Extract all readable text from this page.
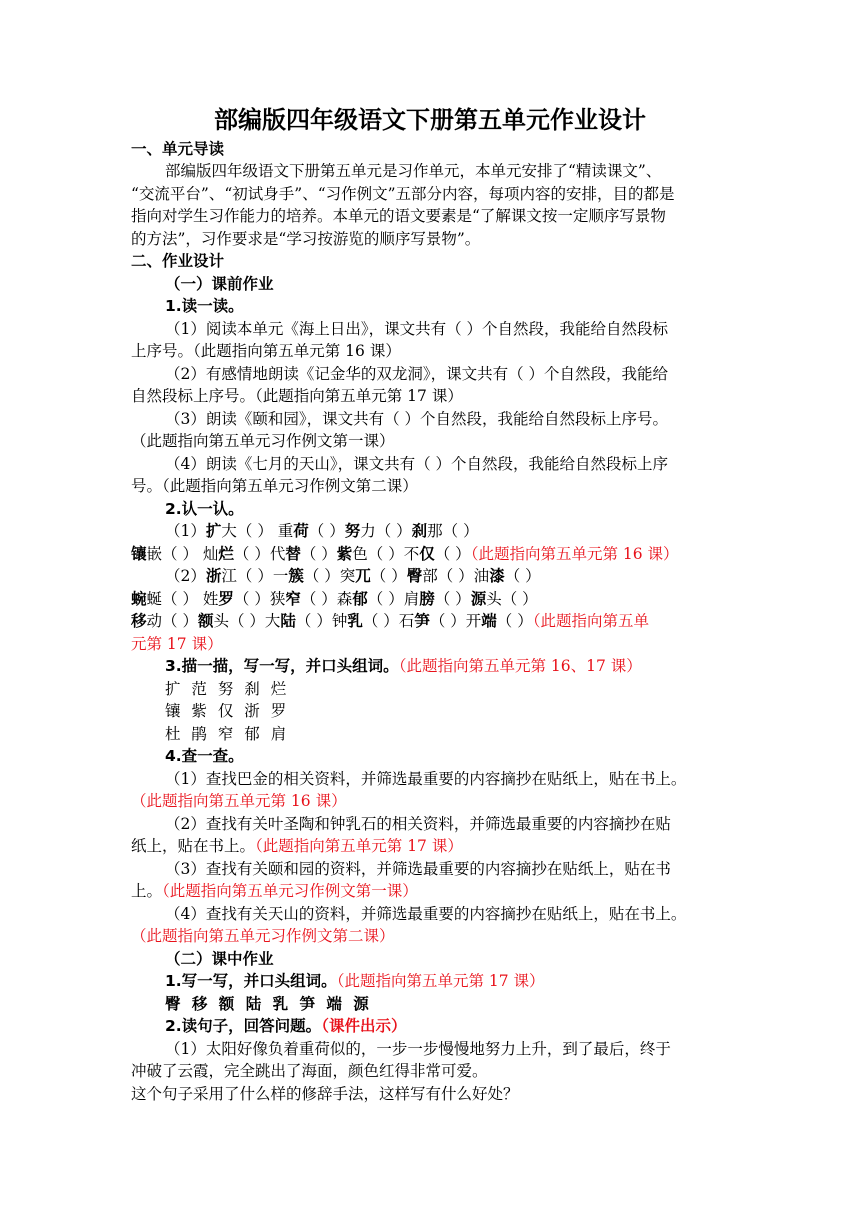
部编版四年级语文下册第五单元作业设计
一、单元导读
部编版四年级语文下册第五单元是习作单元，本单元安排了“精读课文”、
“交流平台”、“初试身手”、“习作例文”五部分内容，每项内容的安排，目的都是
指向对学生习作能力的培养。本单元的语文要素是“了解课文按一定顺序写景物
的方法”，习作要求是“学习按游览的顺序写景物”。
二、作业设计
（一）课前作业
1.读一读。
（1）阅读本单元《海上日出》，课文共有（ ）个自然段，我能给自然段标
上序号。（此题指向第五单元第 16 课）
（2）有感情地朗读《记金华的双龙洞》，课文共有（ ）个自然段，我能给
自然段标上序号。（此题指向第五单元第 17 课）
（3）朗读《颐和园》，课文共有（ ）个自然段，我能给自然段标上序号。
（此题指向第五单元习作例文第一课）
（4）朗读《七月的天山》，课文共有（ ）个自然段，我能给自然段标上序
号。（此题指向第五单元习作例文第二课）
2.认一认。
（1）扩大（ ） 重荷（ ）努力（ ）刹那（ ）
镶嵌（ ） 灿烂（ ）代替（ ）紫色（ ）不仅（ ）（此题指向第五单元第 16 课）
（2）浙江（ ）一簇（ ）突兀（ ）臀部（ ）油漆（ ）
蜿蜒（ ） 姓罗（ ）狭窄（ ）森郁（ ）肩膀（ ）源头（ ）
移动（ ）额头（ ）大陆（ ）钟乳（ ）石笋（ ）开端（ ）（此题指向第五单
元第 17 课）
3.描一描，写一写，并口头组词。（此题指向第五单元第 16、17 课）
扩 范 努 刹 烂
镶 紫 仅 浙 罗
杜 鹃 窄 郁 肩
4.查一查。
（1）查找巴金的相关资料，并筛选最重要的内容摘抄在贴纸上，贴在书上。
（此题指向第五单元第 16 课）
（2）查找有关叶圣陶和钟乳石的相关资料，并筛选最重要的内容摘抄在贴
纸上，贴在书上。（此题指向第五单元第 17 课）
（3）查找有关颐和园的资料，并筛选最重要的内容摘抄在贴纸上，贴在书
上。（此题指向第五单元习作例文第一课）
（4）查找有关天山的资料，并筛选最重要的内容摘抄在贴纸上，贴在书上。
（此题指向第五单元习作例文第二课）
（二）课中作业
1.写一写，并口头组词。（此题指向第五单元第 17 课）
臀 移 额 陆 乳 笋 端 源
2.读句子，回答问题。（课件出示）
（1）太阳好像负着重荷似的，一步一步慢慢地努力上升，到了最后，终于
冲破了云霞，完全跳出了海面，颜色红得非常可爱。
这个句子采用了什么样的修辞手法，这样写有什么好处？
